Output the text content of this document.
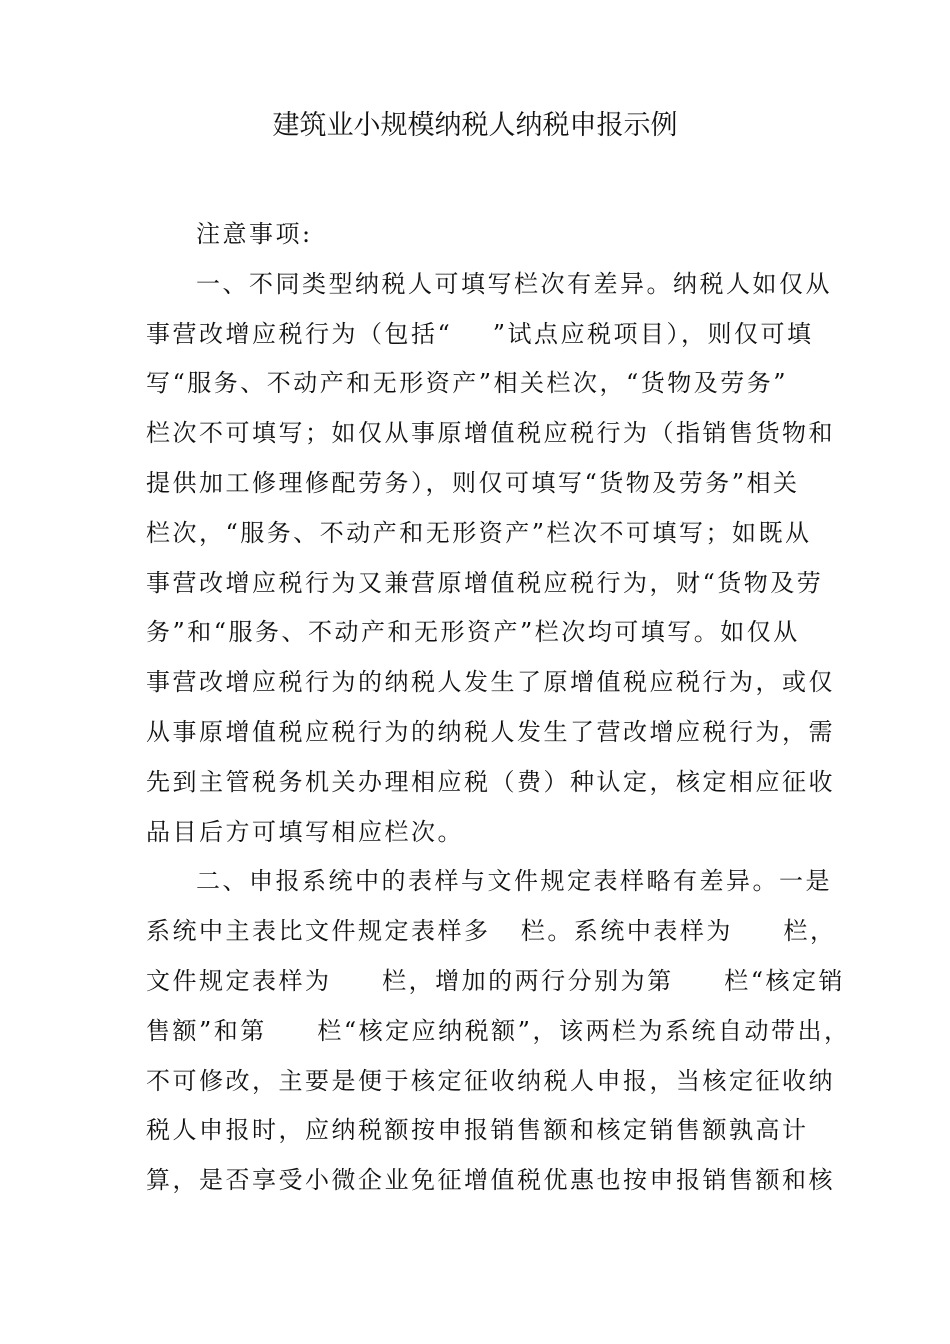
建筑业小规模纳税人纳税申报示例
注意事项:
一、不同类型纳税人可填写栏次有差异。纳税人如仅从
事营改增应税行为（包括“    ”试点应税项目），则仅可填
写“服务、不动产和无形资产”相关栏次，“货物及劳务”
栏次不可填写；如仅从事原增值税应税行为（指销售货物和
提供加工修理修配劳务），则仅可填写“货物及劳务”相关
栏次，“服务、不动产和无形资产”栏次不可填写；如既从
事营改增应税行为又兼营原增值税应税行为，财“货物及劳
务”和“服务、不动产和无形资产”栏次均可填写。如仅从
事营改增应税行为的纳税人发生了原增值税应税行为，或仅
从事原增值税应税行为的纳税人发生了营改增应税行为，需
先到主管税务机关办理相应税（费）种认定，核定相应征收
品目后方可填写相应栏次。
二、申报系统中的表样与文件规定表样略有差异。一是
系统中主表比文件规定表样多   栏。系统中表样为     栏，
文件规定表样为     栏，增加的两行分别为第     栏“核定销
售额”和第     栏“核定应纳税额”，该两栏为系统自动带出，
不可修改，主要是便于核定征收纳税人申报，当核定征收纳
税人申报时，应纳税额按申报销售额和核定销售额孰高计
算，是否享受小微企业免征增值税优惠也按申报销售额和核
